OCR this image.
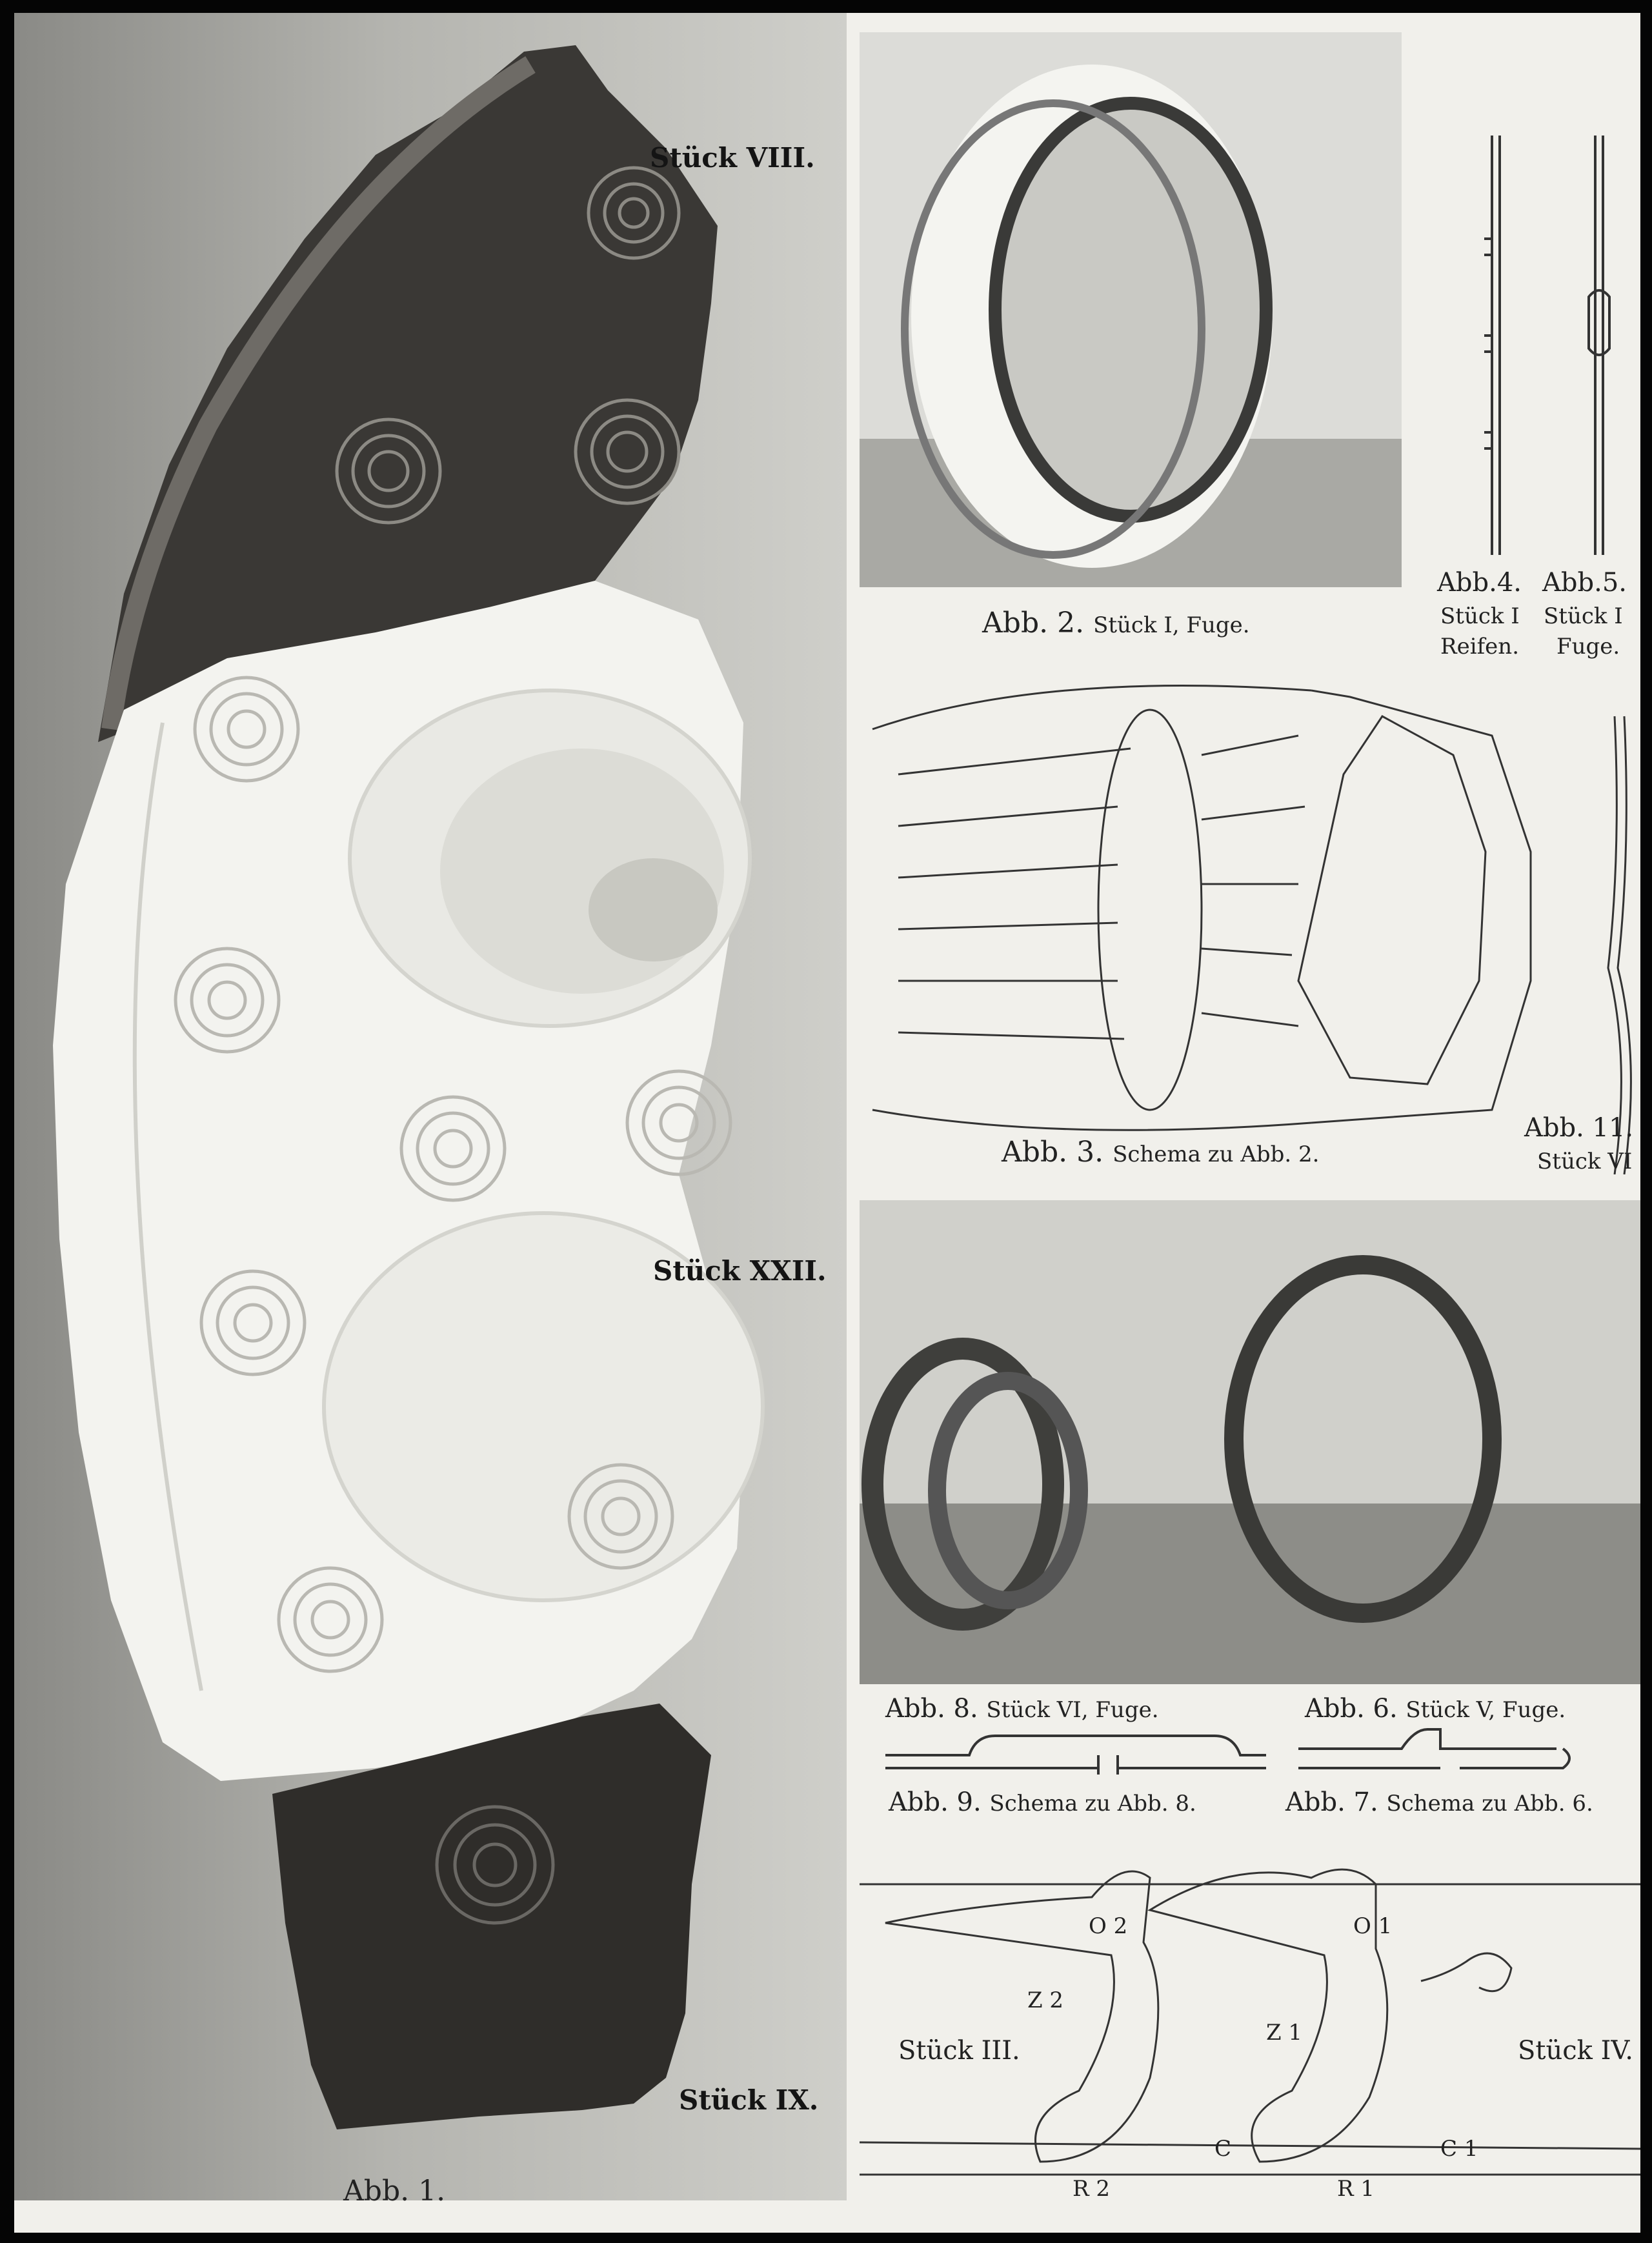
Stück VIII.
Stück XXII.
Stück IX.
Abb. 1.
Abb. 2. Stück I, Fuge.
Abb.4. Abb.5.
Stück I Stück I
Reifen. Fuge.
Abb. 3. Schema zu Abb. 2.
Abb. 11.
Stück VI
Abb. 8. Stück VI, Fuge.	Abb. 6. Stück V, Fuge.
Abb. 9. Schema zu Abb. 8.	Abb. 7. Schema zu Abb. 6.
O 2	O 1
Z 2
Z 1
C	C 1
R 2	R 1
Stück III.	Stück IV.
